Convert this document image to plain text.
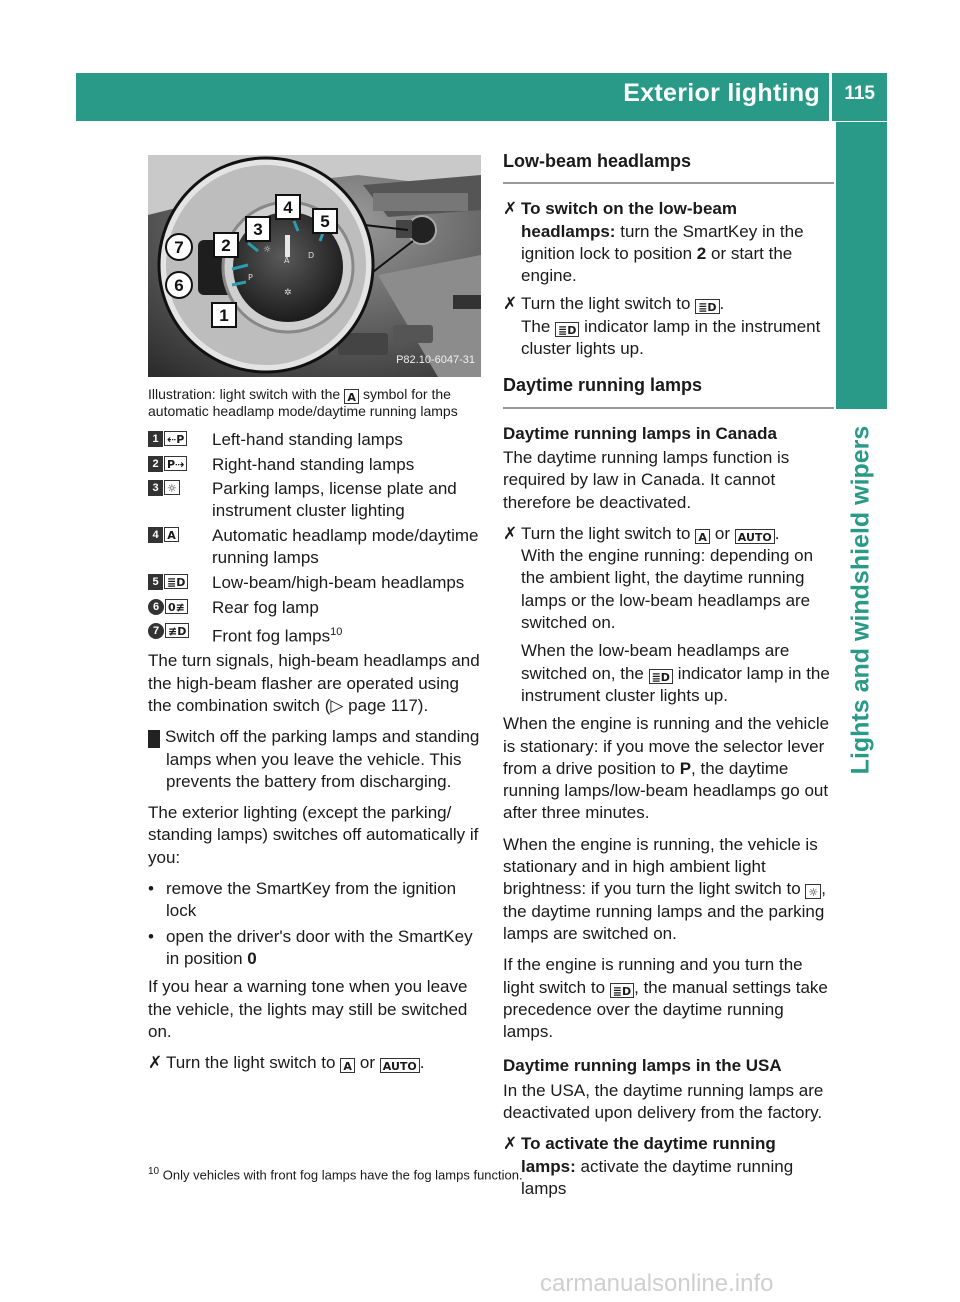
Exterior lighting 115
Lights and windshield wipers
☼
A
D
P
✲
1
2
3
4
5
6
7
P82.10-6047-31
Illustration: light switch with the A symbol for the automatic headlamp mode/daytime running lamps
1 ⇠P Left-hand standing lamps
2 P⇢ Right-hand standing lamps
3 ☼ Parking lamps, license plate and instrument cluster lighting
4 A Automatic headlamp mode/daytime running lamps
5 ≣D Low-beam/high-beam headlamps
6 0≢ Rear fog lamp
7 ≢D Front fog lamps$^{10}$

The turn signals, high-beam headlamps and the high-beam flasher are operated using the combination switch (▷ page 117).

! Switch off the parking lamps and standing lamps when you leave the vehicle. This prevents the battery from discharging.

The exterior lighting (except the parking/ standing lamps) switches off automatically if you:

• remove the SmartKey from the ignition lock
• open the driver's door with the SmartKey in position 0

If you hear a warning tone when you leave the vehicle, the lights may still be switched on.

✗ Turn the light switch to A or AUTO .
Low-beam headlamps
✗ To switch on the low-beam headlamps: turn the SmartKey in the ignition lock to position 2 or start the engine.
✗ Turn the light switch to ≣D .
The ≣D indicator lamp in the instrument cluster lights up.
Daytime running lamps
Daytime running lamps in Canada

The daytime running lamps function is required by law in Canada. It cannot therefore be deactivated.

✗ Turn the light switch to A or AUTO .
With the engine running: depending on the ambient light, the daytime running lamps or the low-beam headlamps are switched on.
When the low-beam headlamps are switched on, the ≣D indicator lamp in the instrument cluster lights up.

When the engine is running and the vehicle is stationary: if you move the selector lever from a drive position to P, the daytime running lamps/low-beam headlamps go out after three minutes.

When the engine is running, the vehicle is stationary and in high ambient light brightness: if you turn the light switch to ☼ , the daytime running lamps and the parking lamps are switched on.

If the engine is running and you turn the light switch to ≣D , the manual settings take precedence over the daytime running lamps.

Daytime running lamps in the USA

In the USA, the daytime running lamps are deactivated upon delivery from the factory.

✗ To activate the daytime running lamps: activate the daytime running lamps
$^{10}$ Only vehicles with front fog lamps have the fog lamps function.
carmanualsonline.info
